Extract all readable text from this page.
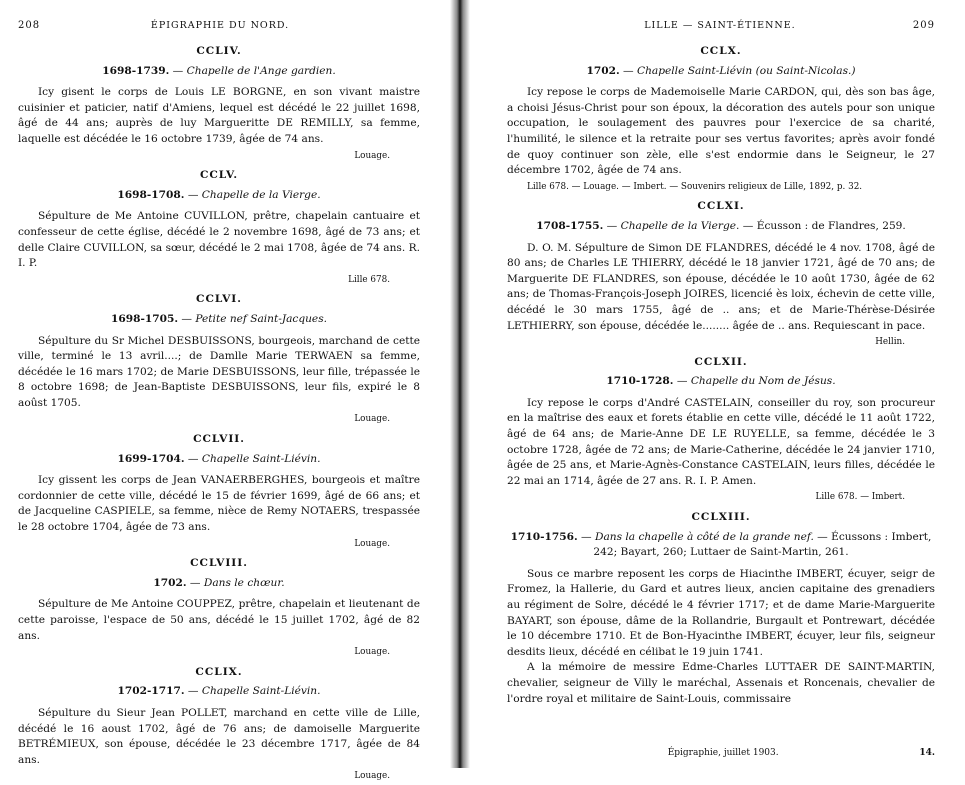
208	ÉPIGRAPHIE DU NORD.
CCLIV.
1698-1739. — Chapelle de l'Ange gardien.

Icy gisent le corps de Louis LE BORGNE, en son vivant maistre cuisinier et paticier, natif d'Amiens, lequel est décédé le 22 juillet 1698, âgé de 44 ans; auprès de luy Margueritte DE REMILLY, sa femme, laquelle est décédée le 16 octobre 1739, âgée de 74 ans.

Louage.
CCLV.
1698-1708. — Chapelle de la Vierge.

Sépulture de Me Antoine CUVILLON, prêtre, chapelain cantuaire et confesseur de cette église, décédé le 2 novembre 1698, âgé de 73 ans; et delle Claire CUVILLON, sa sœur, décédé le 2 mai 1708, âgée de 74 ans. R. I. P.

Lille 678.
CCLVI.
1698-1705. — Petite nef Saint-Jacques.

Sépulture du Sr Michel DESBUISSONS, bourgeois, marchand de cette ville, terminé le 13 avril....; de Damlle Marie TERWAEN sa femme, décédée le 16 mars 1702; de Marie DESBUISSONS, leur fille, trépassée le 8 octobre 1698; de Jean-Baptiste DESBUISSONS, leur fils, expiré le 8 aoûst 1705.

Louage.
CCLVII.
1699-1704. — Chapelle Saint-Liévin.

Icy gissent les corps de Jean VANAERBERGHES, bourgeois et maître cordonnier de cette ville, décédé le 15 de février 1699, âgé de 66 ans; et de Jacqueline CASPIELE, sa femme, nièce de Remy NOTAERS, trespassée le 28 octobre 1704, âgée de 73 ans.

Louage.
CCLVIII.
1702. — Dans le chœur.

Sépulture de Me Antoine COUPPEZ, prêtre, chapelain et lieutenant de cette paroisse, l'espace de 50 ans, décédé le 15 juillet 1702, âgé de 82 ans.

Louage.
CCLIX.
1702-1717. — Chapelle Saint-Liévin.

Sépulture du Sieur Jean POLLET, marchand en cette ville de Lille, décédé le 16 aoust 1702, âgé de 76 ans; de damoiselle Marguerite BETRÉMIEUX, son épouse, décédée le 23 décembre 1717, âgée de 84 ans.

Louage.
LILLE — SAINT-ÉTIENNE.	209
CCLX.
1702. — Chapelle Saint-Liévin (ou Saint-Nicolas.)

Icy repose le corps de Mademoiselle Marie CARDON, qui, dès son bas âge, a choisi Jésus-Christ pour son époux, la décoration des autels pour son unique occupation, le soulagement des pauvres pour l'exercice de sa charité, l'humilité, le silence et la retraite pour ses vertus favorites; après avoir fondé de quoy continuer son zèle, elle s'est endormie dans le Seigneur, le 27 décembre 1702, âgée de 74 ans.

Lille 678. — Louage. — Imbert. — Souvenirs religieux de Lille, 1892, p. 32.
CCLXI.
1708-1755. — Chapelle de la Vierge. — Écusson : de Flandres, 259.

D. O. M. Sépulture de Simon DE FLANDRES, décédé le 4 nov. 1708, âgé de 80 ans; de Charles LE THIERRY, décédé le 18 janvier 1721, âgé de 70 ans; de Marguerite DE FLANDRES, son épouse, décédée le 10 août 1730, âgée de 62 ans; de Thomas-François-Joseph JOIRES, licencié ès loix, échevin de cette ville, décédé le 30 mars 1755, âgé de .. ans; et de Marie-Thérèse-Désirée LETHIERRY, son épouse, décédée le........ âgée de .. ans. Requiescant in pace.

Hellin.
CCLXII.
1710-1728. — Chapelle du Nom de Jésus.

Icy repose le corps d'André CASTELAIN, conseiller du roy, son procureur en la maîtrise des eaux et forets établie en cette ville, décédé le 11 août 1722, âgé de 64 ans; de Marie-Anne DE LE RUYELLE, sa femme, décédée le 3 octobre 1728, âgée de 72 ans; de Marie-Catherine, décédée le 24 janvier 1710, âgée de 25 ans, et Marie-Agnès-Constance CASTELAIN, leurs filles, décédée le 22 mai an 1714, âgée de 27 ans. R. I. P. Amen.

Lille 678. — Imbert.
CCLXIII.
1710-1756. — Dans la chapelle à côté de la grande nef. — Écussons : Imbert, 242; Bayart, 260; Luttaer de Saint-Martin, 261.

Sous ce marbre reposent les corps de Hiacinthe IMBERT, écuyer, seigr de Fromez, la Hallerie, du Gard et autres lieux, ancien capitaine des grenadiers au régiment de Solre, décédé le 4 février 1717; et de dame Marie-Marguerite BAYART, son épouse, dâme de la Rollandrie, Burgault et Pontrewart, décédée le 10 décembre 1710. Et de Bon-Hyacinthe IMBERT, écuyer, leur fils, seigneur desdits lieux, décédé en célibat le 19 juin 1741.

A la mémoire de messire Edme-Charles LUTTAER DE SAINT-MARTIN, chevalier, seigneur de Villy le maréchal, Assenais et Roncenais, chevalier de l'ordre royal et militaire de Saint-Louis, commissaire

Épigraphie, juillet 1903.	14.
